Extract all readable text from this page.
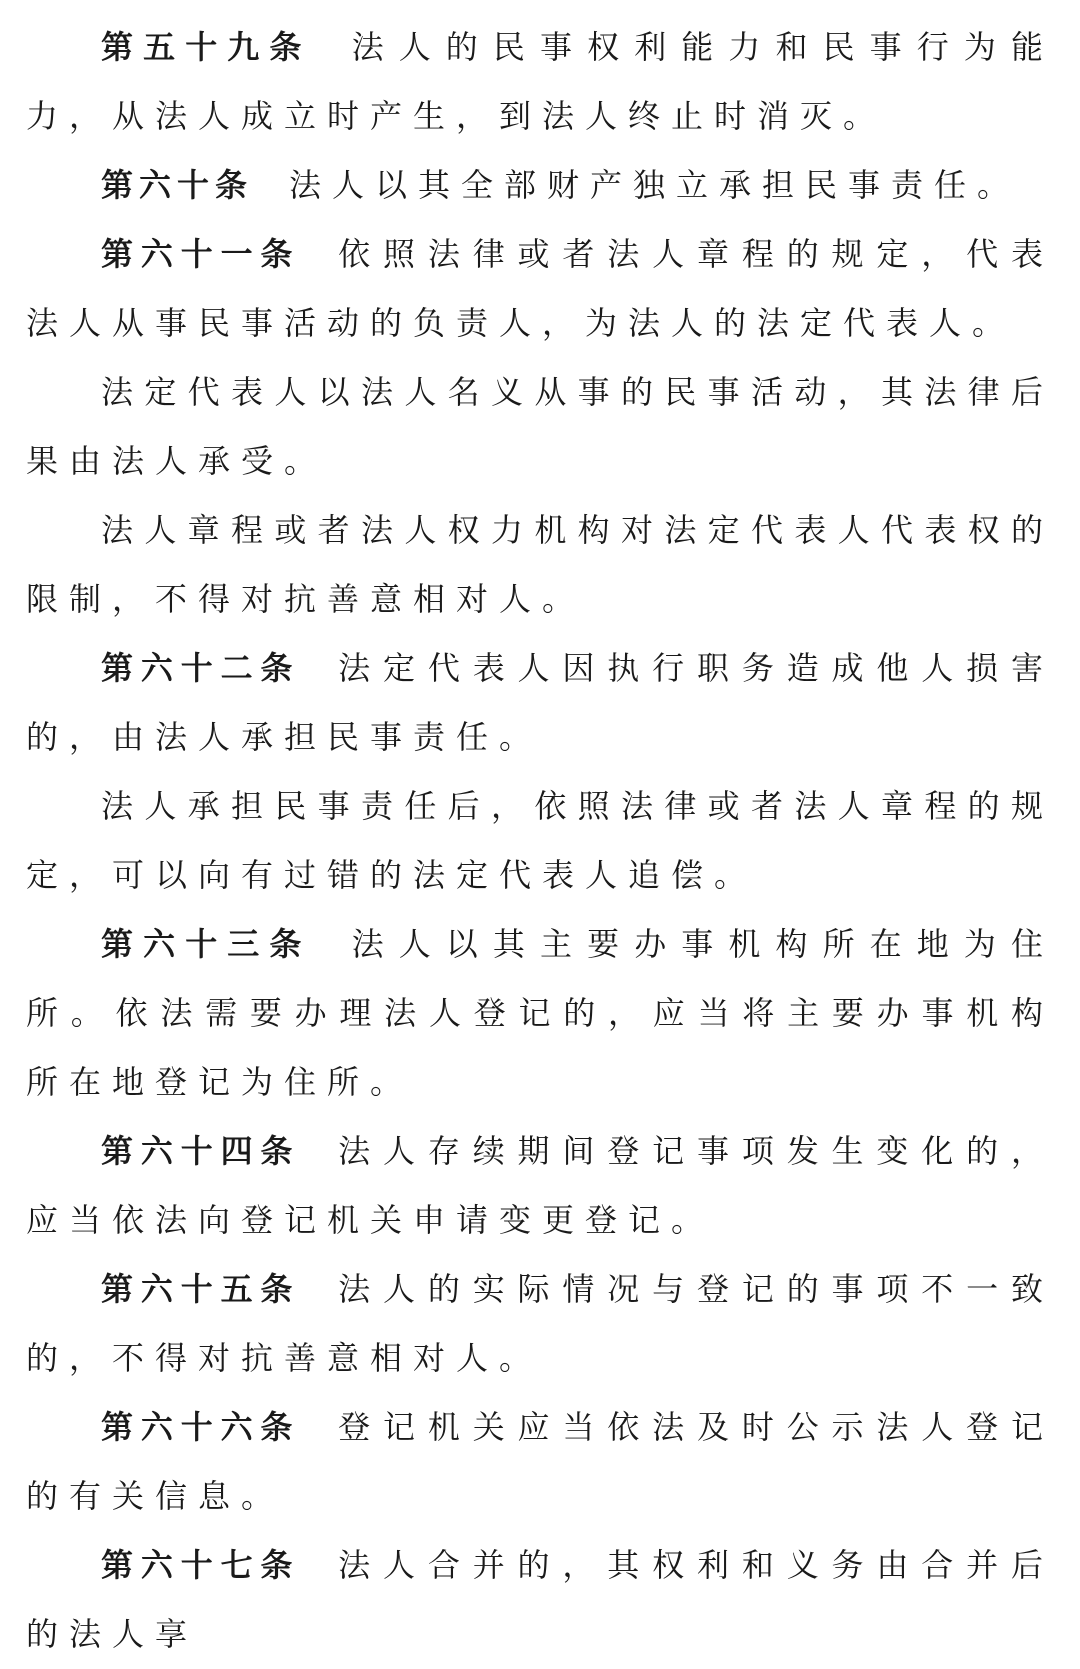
第五十九条 法人的民事权利能力和民事行为能力，从法人成立时产生，到法人终止时消灭。

第六十条 法人以其全部财产独立承担民事责任。

第六十一条 依照法律或者法人章程的规定，代表法人从事民事活动的负责人，为法人的法定代表人。

法定代表人以法人名义从事的民事活动，其法律后果由法人承受。

法人章程或者法人权力机构对法定代表人代表权的限制，不得对抗善意相对人。

第六十二条 法定代表人因执行职务造成他人损害的，由法人承担民事责任。

法人承担民事责任后，依照法律或者法人章程的规定，可以向有过错的法定代表人追偿。

第六十三条 法人以其主要办事机构所在地为住所。依法需要办理法人登记的，应当将主要办事机构所在地登记为住所。

第六十四条 法人存续期间登记事项发生变化的，应当依法向登记机关申请变更登记。

第六十五条 法人的实际情况与登记的事项不一致的，不得对抗善意相对人。

第六十六条 登记机关应当依法及时公示法人登记的有关信息。

第六十七条 法人合并的，其权利和义务由合并后的法人享
